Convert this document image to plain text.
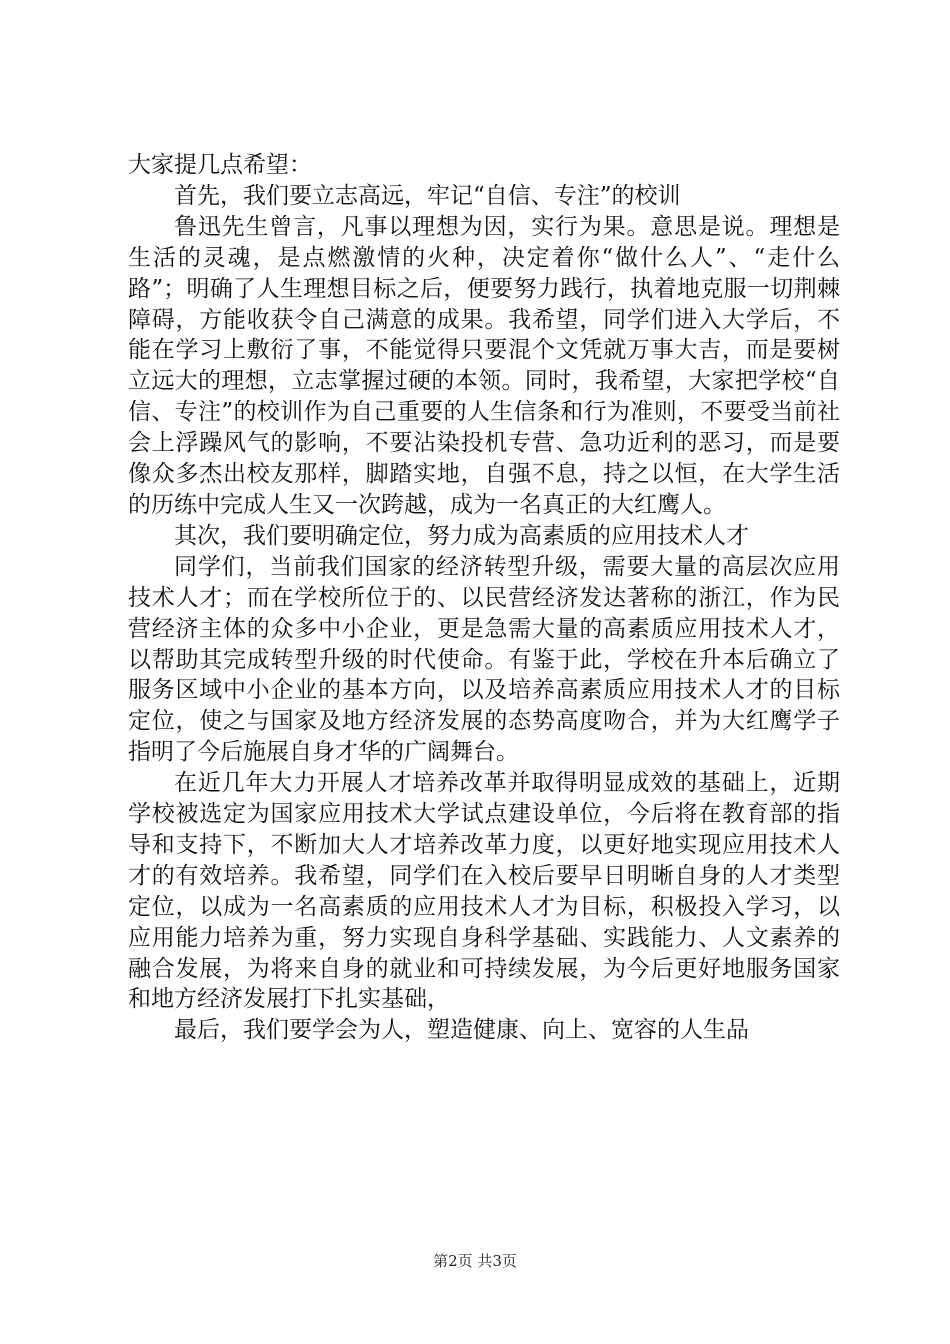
大家提几点希望：

首先，我们要立志高远，牢记“自信、专注”的校训

鲁迅先生曾言，凡事以理想为因，实行为果。意思是说。理想是生活的灵魂，是点燃激情的火种，决定着你“做什么人”、“走什么路”；明确了人生理想目标之后，便要努力践行，执着地克服一切荆棘障碍，方能收获令自己满意的成果。我希望，同学们进入大学后，不能在学习上敷衍了事，不能觉得只要混个文凭就万事大吉，而是要树立远大的理想，立志掌握过硬的本领。同时，我希望，大家把学校“自信、专注”的校训作为自己重要的人生信条和行为准则，不要受当前社会上浮躁风气的影响，不要沾染投机专营、急功近利的恶习，而是要像众多杰出校友那样，脚踏实地，自强不息，持之以恒，在大学生活的历练中完成人生又一次跨越，成为一名真正的大红鹰人。

其次，我们要明确定位，努力成为高素质的应用技术人才

同学们，当前我们国家的经济转型升级，需要大量的高层次应用技术人才；而在学校所位于的、以民营经济发达著称的浙江，作为民营经济主体的众多中小企业，更是急需大量的高素质应用技术人才，以帮助其完成转型升级的时代使命。有鉴于此，学校在升本后确立了服务区域中小企业的基本方向，以及培养高素质应用技术人才的目标定位，使之与国家及地方经济发展的态势高度吻合，并为大红鹰学子指明了今后施展自身才华的广阔舞台。

在近几年大力开展人才培养改革并取得明显成效的基础上，近期学校被选定为国家应用技术大学试点建设单位，今后将在教育部的指导和支持下，不断加大人才培养改革力度，以更好地实现应用技术人才的有效培养。我希望，同学们在入校后要早日明晰自身的人才类型定位，以成为一名高素质的应用技术人才为目标，积极投入学习，以应用能力培养为重，努力实现自身科学基础、实践能力、人文素养的融合发展，为将来自身的就业和可持续发展，为今后更好地服务国家和地方经济发展打下扎实基础，

最后，我们要学会为人，塑造健康、向上、宽容的人生品

第2页 共3页
